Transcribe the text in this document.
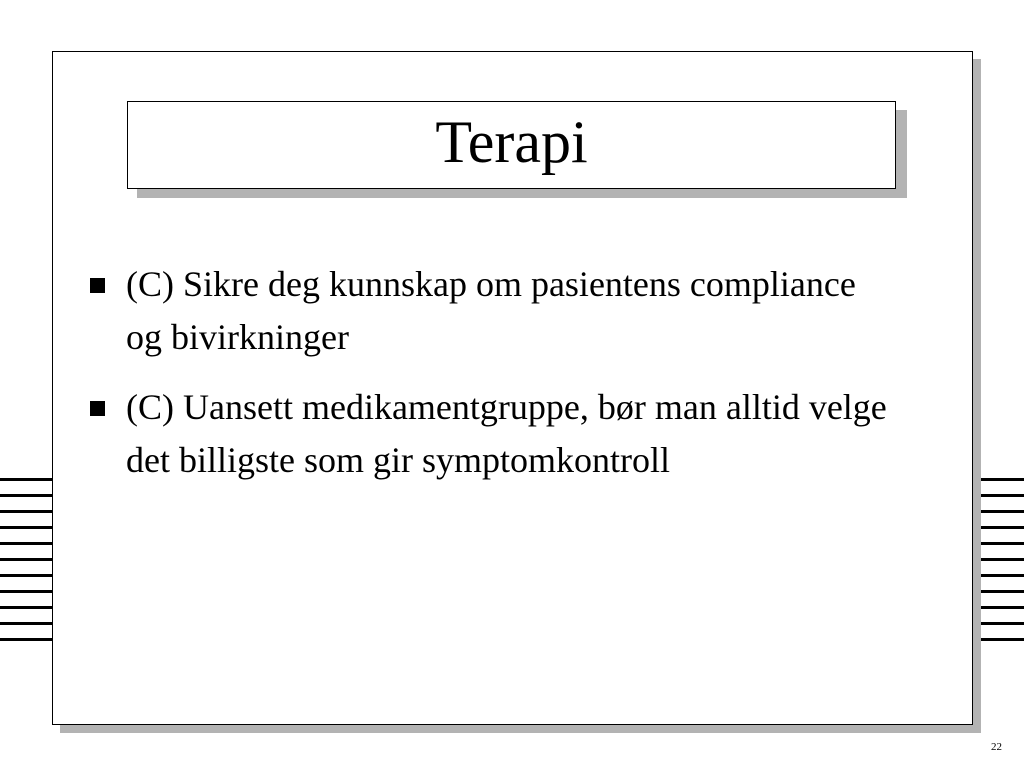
Terapi
(C) Sikre deg kunnskap om pasientens compliance og bivirkninger
(C) Uansett medikamentgruppe, bør man alltid velge det billigste som gir symptomkontroll
22
